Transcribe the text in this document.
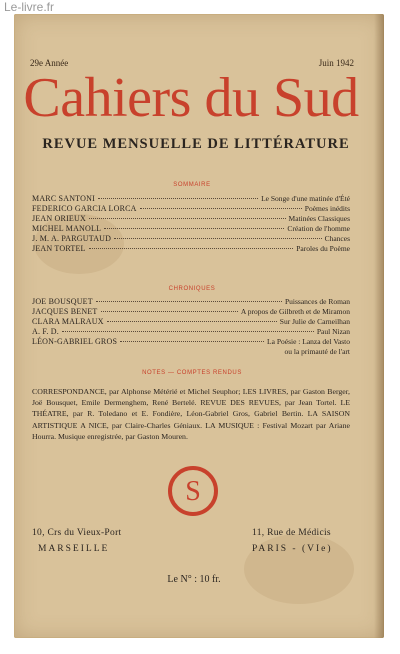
Le-livre.fr
29e Année	Juin 1942
Cahiers du Sud
REVUE MENSUELLE DE LITTÉRATURE
SOMMAIRE
MARC SANTONI	Le Songe d'une matinée d'Été
FEDERICO GARCIA LORCA	Poèmes inédits
JEAN ORIEUX	Matinées Classiques
MICHEL MANOLL	Création de l'homme
J. M. A. PARGUTAUD	Chances
JEAN TORTEL	Paroles du Poème
CHRONIQUES
JOE BOUSQUET	Puissances de Roman
JACQUES BENET	A propos de Gilbreth et de Miramon
CLARA MALRAUX	Sur Julie de Carneilhan
A. F. D.	Paul Nizan
LÉON-GABRIEL GROS	La Poésie : Lanza del Vasto
ou la primauté de l'art
NOTES — COMPTES RENDUS
CORRESPONDANCE, par Alphonse Métérié et Michel Seuphor; LES LIVRES, par Gaston Berger, Joë Bousquet, Emile Dermenghem, René Bertelé. REVUE DES REVUES, par Jean Tortel. LE THÉATRE, par R. Toledano et E. Fondière, Léon-Gabriel Gros, Gabriel Bertin. LA SAISON ARTISTIQUE A NICE, par Claire-Charles Géniaux. LA MUSIQUE : Festival Mozart par Ariane Hourra. Musique enregistrée, par Gaston Mouren.
S
10, Crs du Vieux-Port
MARSEILLE
11, Rue de Médicis
PARIS - (VIe)
Le N° : 10 fr.
